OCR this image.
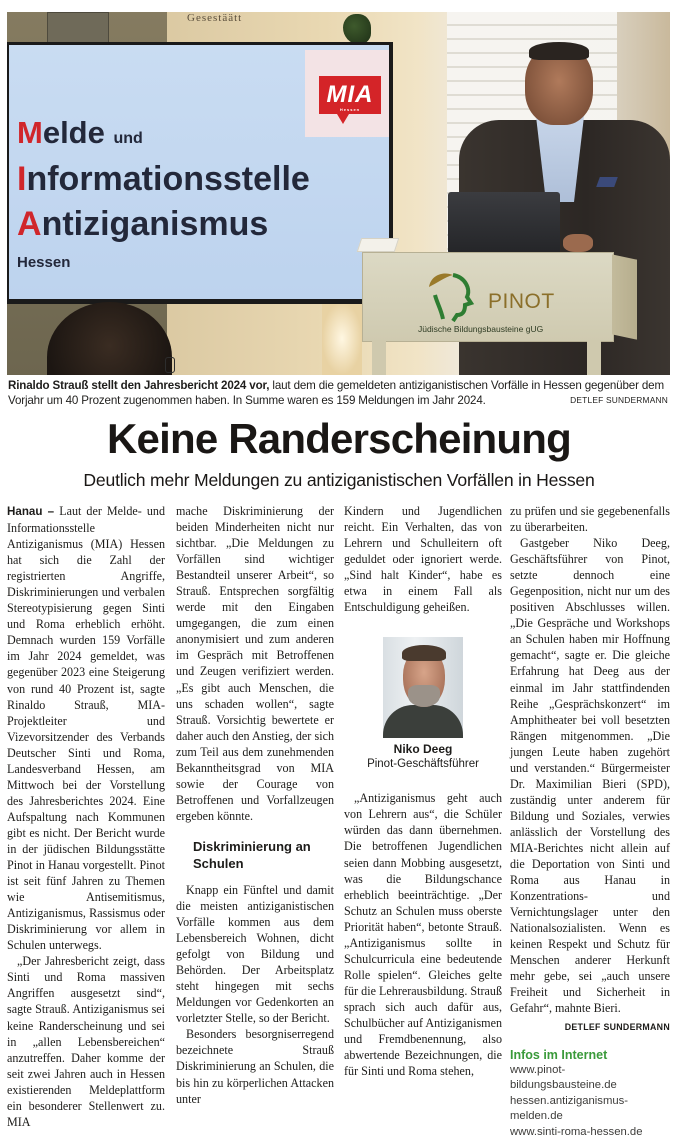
Gesestäätt
MIA
Hessen
Melde und
Informationsstelle
Antiziganismus
Hessen
PINOT
Jüdische Bildungsbausteine gUG
Rinaldo Strauß stellt den Jahresbericht 2024 vor, laut dem die gemeldeten antiziganistischen Vorfälle in Hessen gegenüber dem Vorjahr um 40 Prozent zugenommen haben. In Summe waren es 159 Meldungen im Jahr 2024.	DETLEF SUNDERMANN
Keine Randerscheinung
Deutlich mehr Meldungen zu antiziganistischen Vorfällen in Hessen

Hanau – Laut der Melde- und Informationsstelle Antiziganismus (MIA) Hessen hat sich die Zahl der registrierten Angriffe, Diskriminierungen und verbalen Stereotypisierung gegen Sinti und Roma erheblich erhöht. Demnach wurden 159 Vorfälle im Jahr 2024 gemeldet, was gegenüber 2023 eine Steigerung von rund 40 Prozent ist, sagte Rinaldo Strauß, MIA-Projektleiter und Vizevorsitzender des Verbands Deutscher Sinti und Roma, Landesverband Hessen, am Mittwoch bei der Vorstellung des Jahresberichtes 2024. Eine Aufspaltung nach Kommunen gibt es nicht. Der Bericht wurde in der jüdischen Bildungsstätte Pinot in Hanau vorgestellt. Pinot ist seit fünf Jahren zu Themen wie Antisemitismus, Antiziganismus, Rassismus oder Diskriminierung vor allem in Schulen unterwegs.

„Der Jahresbericht zeigt, dass Sinti und Roma massiven Angriffen ausgesetzt sind“, sagte Strauß. Antiziganismus sei keine Randerscheinung und sei in „allen Lebensbereichen“ anzutreffen. Daher komme der seit zwei Jahren auch in Hessen existierenden Meldeplattform ein besonderer Stellenwert zu. MIA

mache Diskriminierung der beiden Minderheiten nicht nur sichtbar. „Die Meldungen zu Vorfällen sind wichtiger Bestandteil unserer Arbeit“, so Strauß. Entsprechen sorgfältig werde mit den Eingaben umgegangen, die zum einen anonymisiert und zum anderen im Gespräch mit Betroffenen und Zeugen verifiziert werden. „Es gibt auch Menschen, die uns schaden wollen“, sagte Strauß. Vorsichtig bewertete er daher auch den Anstieg, der sich zum Teil aus dem zunehmenden Bekanntheitsgrad von MIA sowie der Courage von Betroffenen und Vorfallzeugen ergeben könnte.

Diskriminierung an Schulen

Knapp ein Fünftel und damit die meisten antiziganistischen Vorfälle kommen aus dem Lebensbereich Wohnen, dicht gefolgt von Bildung und Behörden. Der Arbeitsplatz steht hingegen mit sechs Meldungen vor Gedenkorten an vorletzter Stelle, so der Bericht.

Besonders besorgniserregend bezeichnete Strauß Diskriminierung an Schulen, die bis hin zu körperlichen Attacken unter

Kindern und Jugendlichen reicht. Ein Verhalten, das von Lehrern und Schulleitern oft geduldet oder ignoriert werde. „Sind halt Kinder“, habe es etwa in einem Fall als Entschuldigung geheißen.

Niko Deeg
Pinot-Geschäftsführer

„Antiziganismus geht auch von Lehrern aus“, die Schüler würden das dann übernehmen. Die betroffenen Jugendlichen seien dann Mobbing ausgesetzt, was die Bildungschance erheblich beeinträchtige. „Der Schutz an Schulen muss oberste Priorität haben“, betonte Strauß. „Antiziganismus sollte in Schulcurricula eine bedeutende Rolle spielen“. Gleiches gelte für die Lehrerausbildung. Strauß sprach sich auch dafür aus, Schulbücher auf Antiziganismen und Fremdbenennung, also abwertende Bezeichnungen, die für Sinti und Roma stehen,

zu prüfen und sie gegebenenfalls zu überarbeiten.

Gastgeber Niko Deeg, Geschäftsführer von Pinot, setzte dennoch eine Gegenposition, nicht nur um des positiven Abschlusses willen. „Die Gespräche und Workshops an Schulen haben mir Hoffnung gemacht“, sagte er. Die gleiche Erfahrung hat Deeg aus der einmal im Jahr stattfindenden Reihe „Gesprächskonzert“ im Amphitheater bei voll besetzten Rängen mitgenommen. „Die jungen Leute haben zugehört und verstanden.“ Bürgermeister Dr. Maximilian Bieri (SPD), zuständig unter anderem für Bildung und Soziales, verwies anlässlich der Vorstellung des MIA-Berichtes nicht allein auf die Deportation von Sinti und Roma aus Hanau in Konzentrations- und Vernichtungslager unter den Nationalsozialisten. Wenn es keinen Respekt und Schutz für Menschen anderer Herkunft mehr gebe, sei „auch unsere Freiheit und Sicherheit in Gefahr“, mahnte Bieri.
DETLEF SUNDERMANN

Infos im Internet
www.pinot-bildungsbausteine.de
hessen.antiziganismus-melden.de
www.sinti-roma-hessen.de
